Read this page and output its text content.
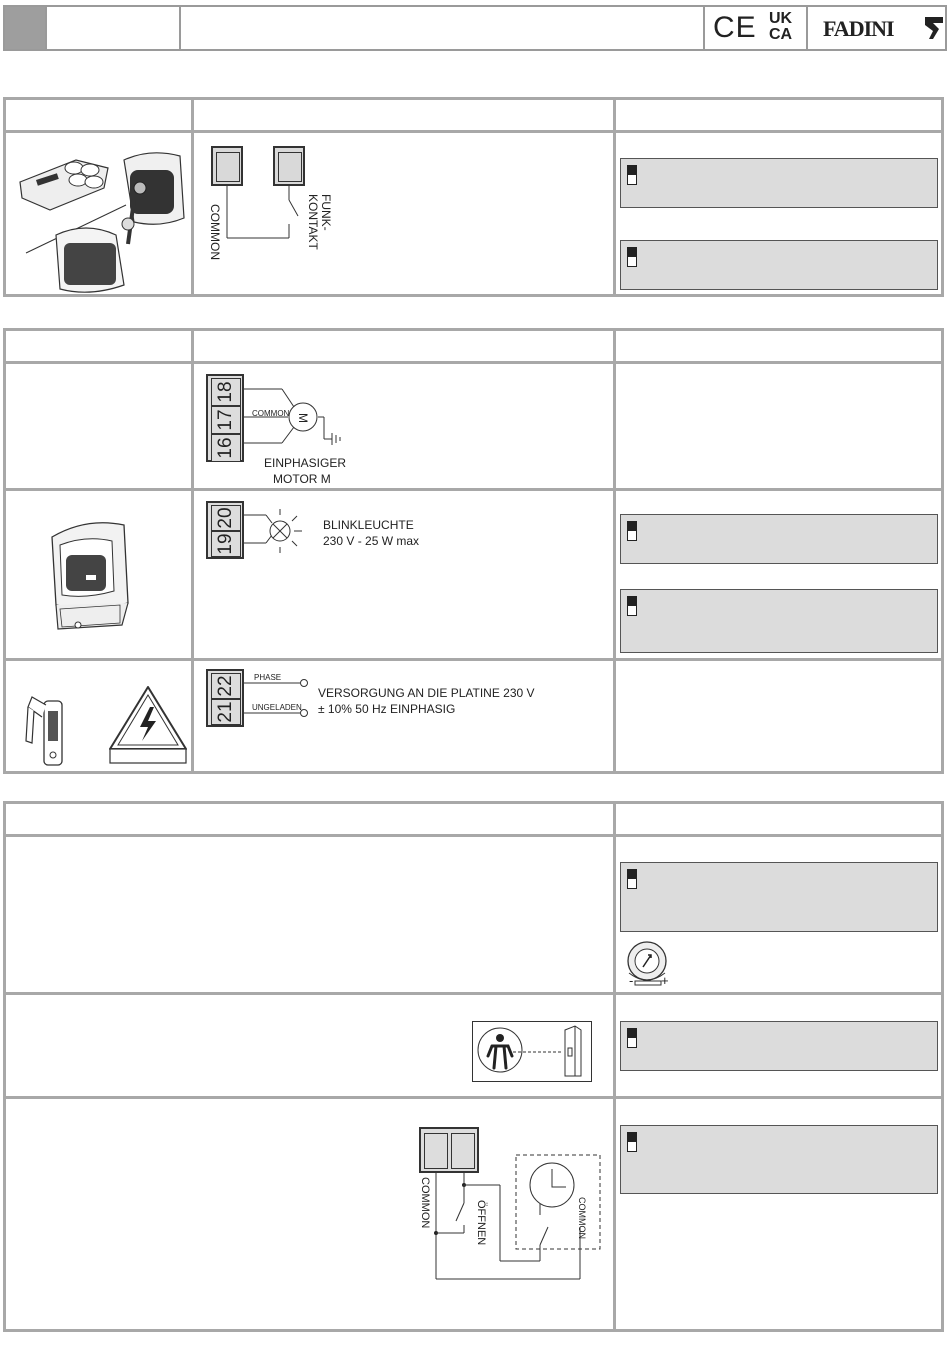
CE UK
CA FADINI
COMMON	FUNK-
KONTAKT
18
17
16
M
COMMON
EINPHASIGER
MOTOR M
20
19
BLINKLEUCHTE
230 V - 25 W max
22
21
PHASE
UNGELADEN
VERSORGUNG AN DIE PLATINE 230 V
± 10% 50 Hz EINPHASIG
- +
COMMON	ÖFFNEN	COMMON
